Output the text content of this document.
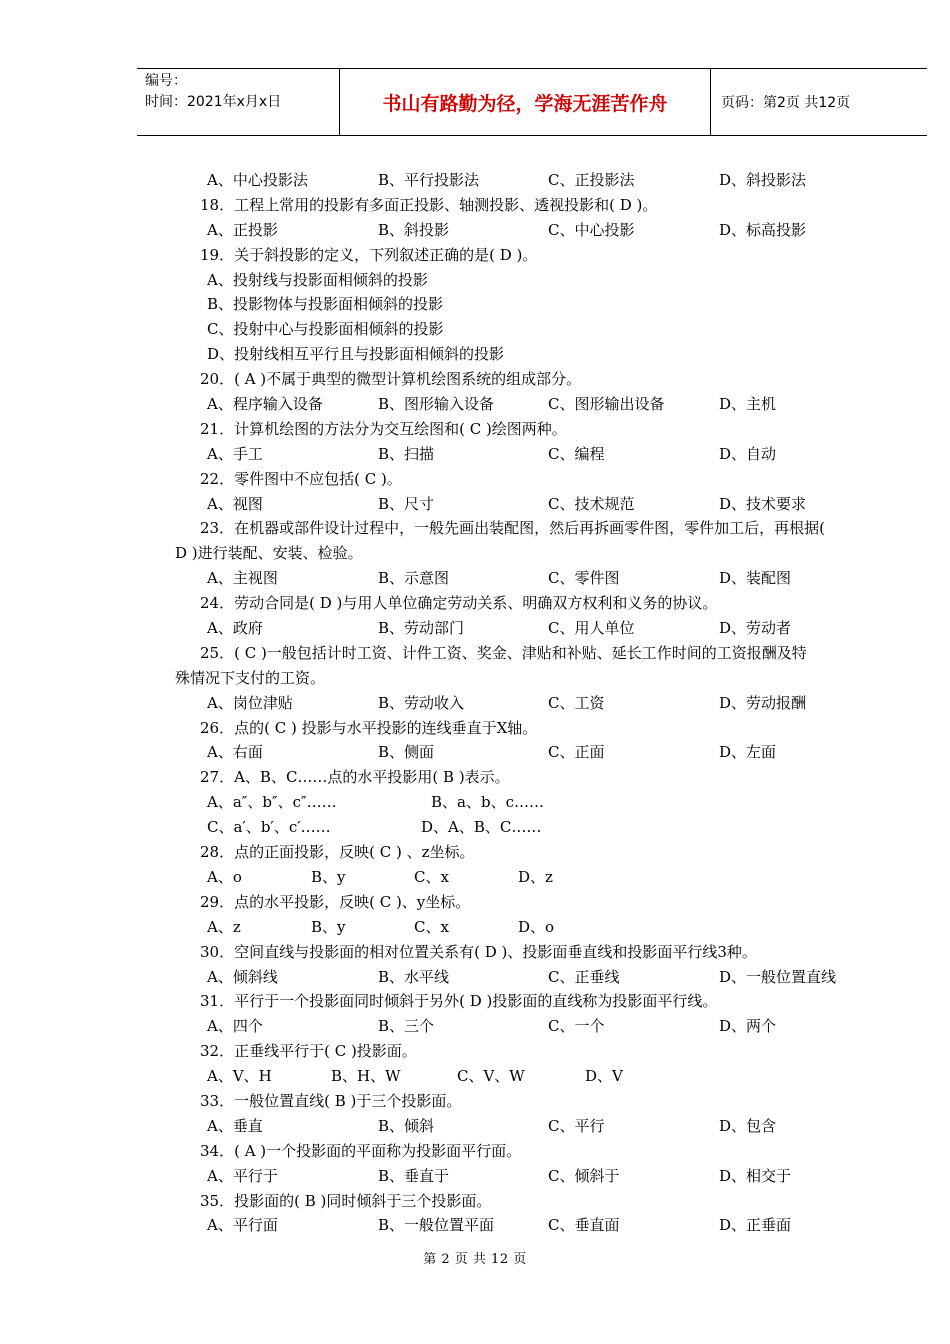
编号：
时间：2021年x月x日	书山有路勤为径，学海无涯苦作舟	页码：第2页 共12页
A、中心投影法	B、平行投影法	C、正投影法	D、斜投影法
18．工程上常用的投影有多面正投影、轴测投影、透视投影和( D )。
A、正投影	B、斜投影	C、中心投影	D、标高投影
19．关于斜投影的定义，下列叙述正确的是( D )。
A、投射线与投影面相倾斜的投影
B、投影物体与投影面相倾斜的投影
C、投射中心与投影面相倾斜的投影
D、投射线相互平行且与投影面相倾斜的投影
20．( A )不属于典型的微型计算机绘图系统的组成部分。
A、程序输入设备	B、图形输入设备	C、图形输出设备	D、主机
21．计算机绘图的方法分为交互绘图和( C )绘图两种。
A、手工	B、扫描	C、编程	D、自动
22．零件图中不应包括( C )。
A、视图	B、尺寸	C、技术规范	D、技术要求
23．在机器或部件设计过程中，一般先画出装配图，然后再拆画零件图，零件加工后，再根据(
D )进行装配、安装、检验。
A、主视图	B、示意图	C、零件图	D、装配图
24．劳动合同是( D )与用人单位确定劳动关系、明确双方权利和义务的协议。
A、政府	B、劳动部门	C、用人单位	D、劳动者
25．( C )一般包括计时工资、计件工资、奖金、津贴和补贴、延长工作时间的工资报酬及特
殊情况下支付的工资。
A、岗位津贴	B、劳动收入	C、工资	D、劳动报酬
26．点的( C ) 投影与水平投影的连线垂直于X轴。
A、右面	B、侧面	C、正面	D、左面
27．A、B、C……点的水平投影用( B )表示。
A、a″、b″、c″……	B、a、b、c……
C、a′、b′、c′……	D、A、B、C……
28．点的正面投影，反映( C ) 、z坐标。
A、o	B、y	C、x	D、z
29．点的水平投影，反映( C )、y坐标。
A、z	B、y	C、x	D、o
30．空间直线与投影面的相对位置关系有( D )、投影面垂直线和投影面平行线3种。
A、倾斜线	B、水平线	C、正垂线	D、一般位置直线
31．平行于一个投影面同时倾斜于另外( D )投影面的直线称为投影面平行线。
A、四个	B、三个	C、一个	D、两个
32．正垂线平行于( C )投影面。
A、V、H	B、H、W	C、V、W	D、V
33．一般位置直线( B )于三个投影面。
A、垂直	B、倾斜	C、平行	D、包含
34．( A )一个投影面的平面称为投影面平行面。
A、平行于	B、垂直于	C、倾斜于	D、相交于
35．投影面的( B )同时倾斜于三个投影面。
A、平行面	B、一般位置平面	C、垂直面	D、正垂面
第 2 页 共 12 页
